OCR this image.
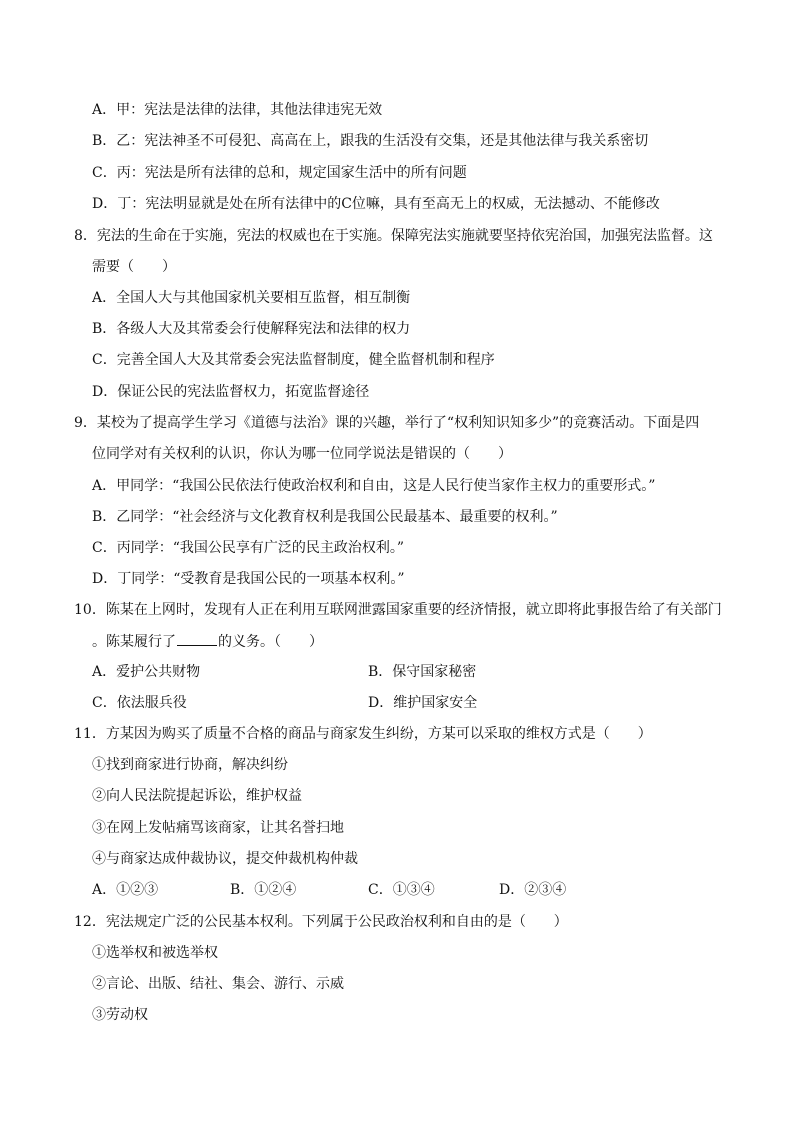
A．甲：宪法是法律的法律，其他法律违宪无效
B．乙：宪法神圣不可侵犯、高高在上，跟我的生活没有交集，还是其他法律与我关系密切
C．丙：宪法是所有法律的总和，规定国家生活中的所有问题
D．丁：宪法明显就是处在所有法律中的C位嘛，具有至高无上的权威，无法撼动、不能修改
8．宪法的生命在于实施，宪法的权威也在于实施。保障宪法实施就要坚持依宪治国，加强宪法监督。这
需要（　　）
A．全国人大与其他国家机关要相互监督，相互制衡
B．各级人大及其常委会行使解释宪法和法律的权力
C．完善全国人大及其常委会宪法监督制度，健全监督机制和程序
D．保证公民的宪法监督权力，拓宽监督途径
9．某校为了提高学生学习《道德与法治》课的兴趣，举行了“权利知识知多少”的竞赛活动。下面是四
位同学对有关权利的认识，你认为哪一位同学说法是错误的（　　）
A．甲同学：“我国公民依法行使政治权利和自由，这是人民行使当家作主权力的重要形式。”
B．乙同学：“社会经济与文化教育权利是我国公民最基本、最重要的权利。”
C．丙同学：“我国公民享有广泛的民主政治权利。”
D．丁同学：“受教育是我国公民的一项基本权利。”
10．陈某在上网时，发现有人正在利用互联网泄露国家重要的经济情报，就立即将此事报告给了有关部门
。陈某履行了	的义务。（　　）
A．爱护公共财物	B．保守国家秘密
C．依法服兵役	D．维护国家安全
11．方某因为购买了质量不合格的商品与商家发生纠纷，方某可以采取的维权方式是（　　）
①找到商家进行协商，解决纠纷
②向人民法院提起诉讼，维护权益
③在网上发帖痛骂该商家，让其名誉扫地
④与商家达成仲裁协议，提交仲裁机构仲裁
A．①②③	B．①②④	C．①③④	D．②③④
12．宪法规定广泛的公民基本权利。下列属于公民政治权利和自由的是（　　）
①选举权和被选举权
②言论、出版、结社、集会、游行、示威
③劳动权
